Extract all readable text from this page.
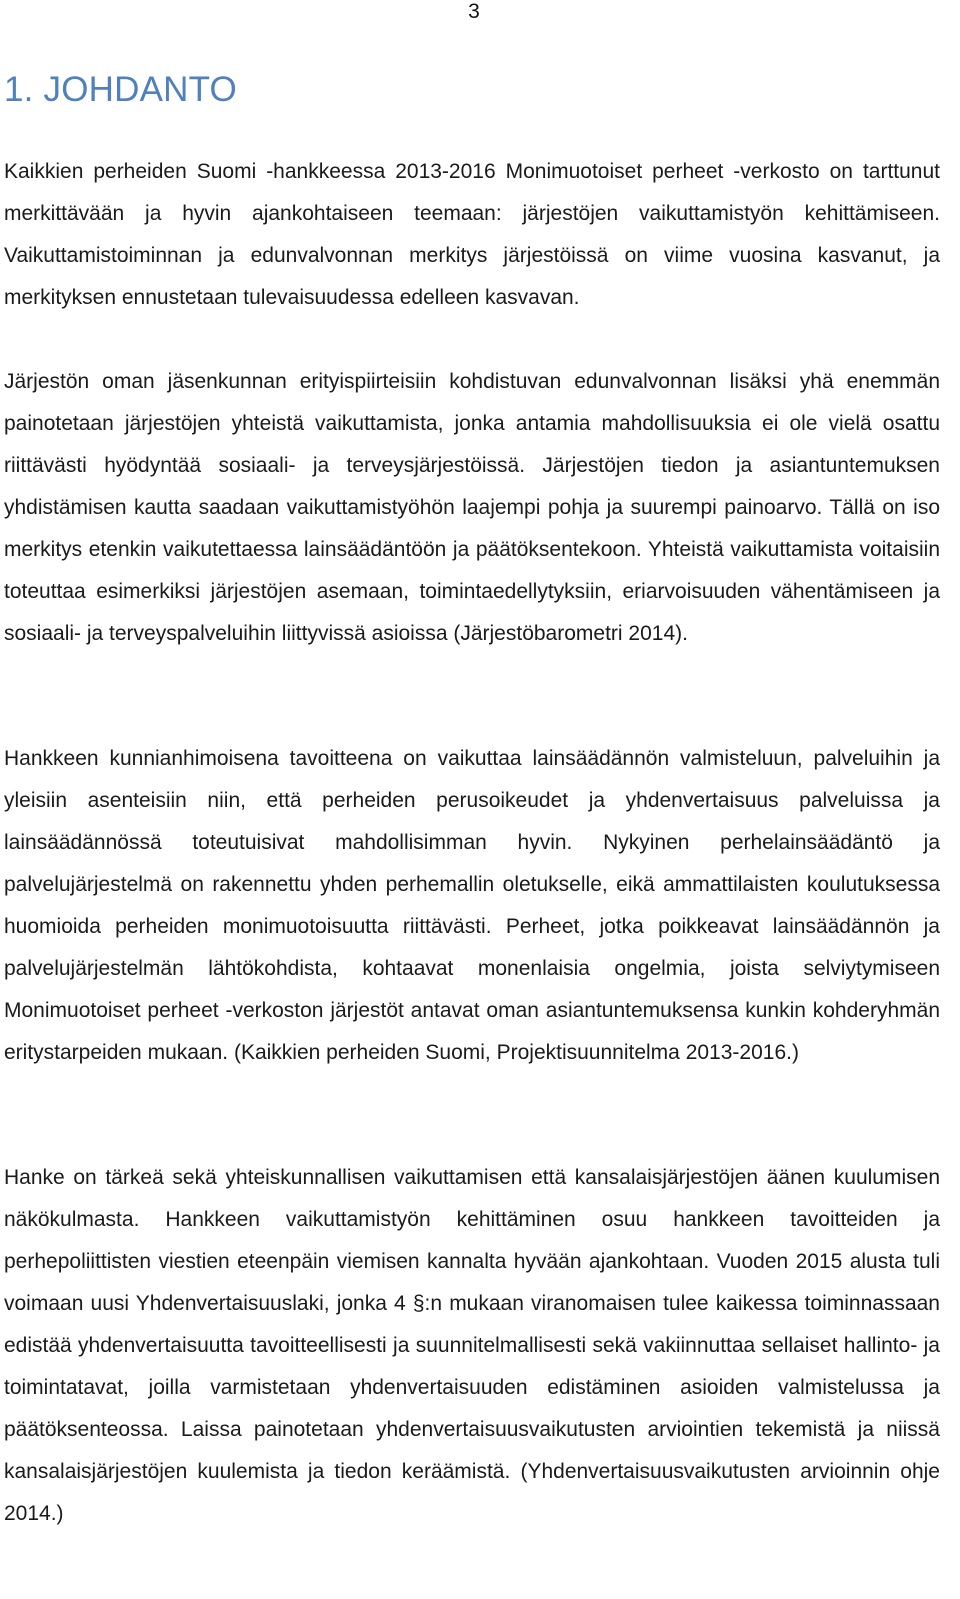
3
1. JOHDANTO

Kaikkien perheiden Suomi -hankkeessa 2013-2016 Monimuotoiset perheet -verkosto on tarttunut merkittävään ja hyvin ajankohtaiseen teemaan: järjestöjen vaikuttamistyön kehittämiseen. Vaikuttamistoiminnan ja edunvalvonnan merkitys järjestöissä on viime vuosina kasvanut, ja merkityksen ennustetaan tulevaisuudessa edelleen kasvavan.

Järjestön oman jäsenkunnan erityispiirteisiin kohdistuvan edunvalvonnan lisäksi yhä enemmän painotetaan järjestöjen yhteistä vaikuttamista, jonka antamia mahdollisuuksia ei ole vielä osattu riittävästi hyödyntää sosiaali- ja terveysjärjestöissä. Järjestöjen tiedon ja asiantuntemuksen yhdistämisen kautta saadaan vaikuttamistyöhön laajempi pohja ja suurempi painoarvo. Tällä on iso merkitys etenkin vaikutettaessa lainsäädäntöön ja päätöksentekoon. Yhteistä vaikuttamista voitaisiin toteuttaa esimerkiksi järjestöjen asemaan, toimintaedellytyksiin, eriarvoisuuden vähentämiseen ja sosiaali- ja terveyspalveluihin liittyvissä asioissa (Järjestöbarometri 2014).

Hankkeen kunnianhimoisena tavoitteena on vaikuttaa lainsäädännön valmisteluun, palveluihin ja yleisiin asenteisiin niin, että perheiden perusoikeudet ja yhdenvertaisuus palveluissa ja lainsäädännössä toteutuisivat mahdollisimman hyvin. Nykyinen perhelainsäädäntö ja palvelujärjestelmä on rakennettu yhden perhemallin oletukselle, eikä ammattilaisten koulutuksessa huomioida perheiden monimuotoisuutta riittävästi. Perheet, jotka poikkeavat lainsäädännön ja palvelujärjestelmän lähtökohdista, kohtaavat monenlaisia ongelmia, joista selviytymiseen Monimuotoiset perheet -verkoston järjestöt antavat oman asiantuntemuksensa kunkin kohderyhmän eritystarpeiden mukaan. (Kaikkien perheiden Suomi, Projektisuunnitelma 2013-2016.)

Hanke on tärkeä sekä yhteiskunnallisen vaikuttamisen että kansalaisjärjestöjen äänen kuulumisen näkökulmasta. Hankkeen vaikuttamistyön kehittäminen osuu hankkeen tavoitteiden ja perhepoliittisten viestien eteenpäin viemisen kannalta hyvään ajankohtaan. Vuoden 2015 alusta tuli voimaan uusi Yhdenvertaisuuslaki, jonka 4 §:n mukaan viranomaisen tulee kaikessa toiminnassaan edistää yhdenvertaisuutta tavoitteellisesti ja suunnitelmallisesti sekä vakiinnuttaa sellaiset hallinto- ja toimintatavat, joilla varmistetaan yhdenvertaisuuden edistäminen asioiden valmistelussa ja päätöksenteossa. Laissa painotetaan yhdenvertaisuusvaikutusten arviointien tekemistä ja niissä kansalaisjärjestöjen kuulemista ja tiedon keräämistä. (Yhdenvertaisuusvaikutusten arvioinnin ohje 2014.)
